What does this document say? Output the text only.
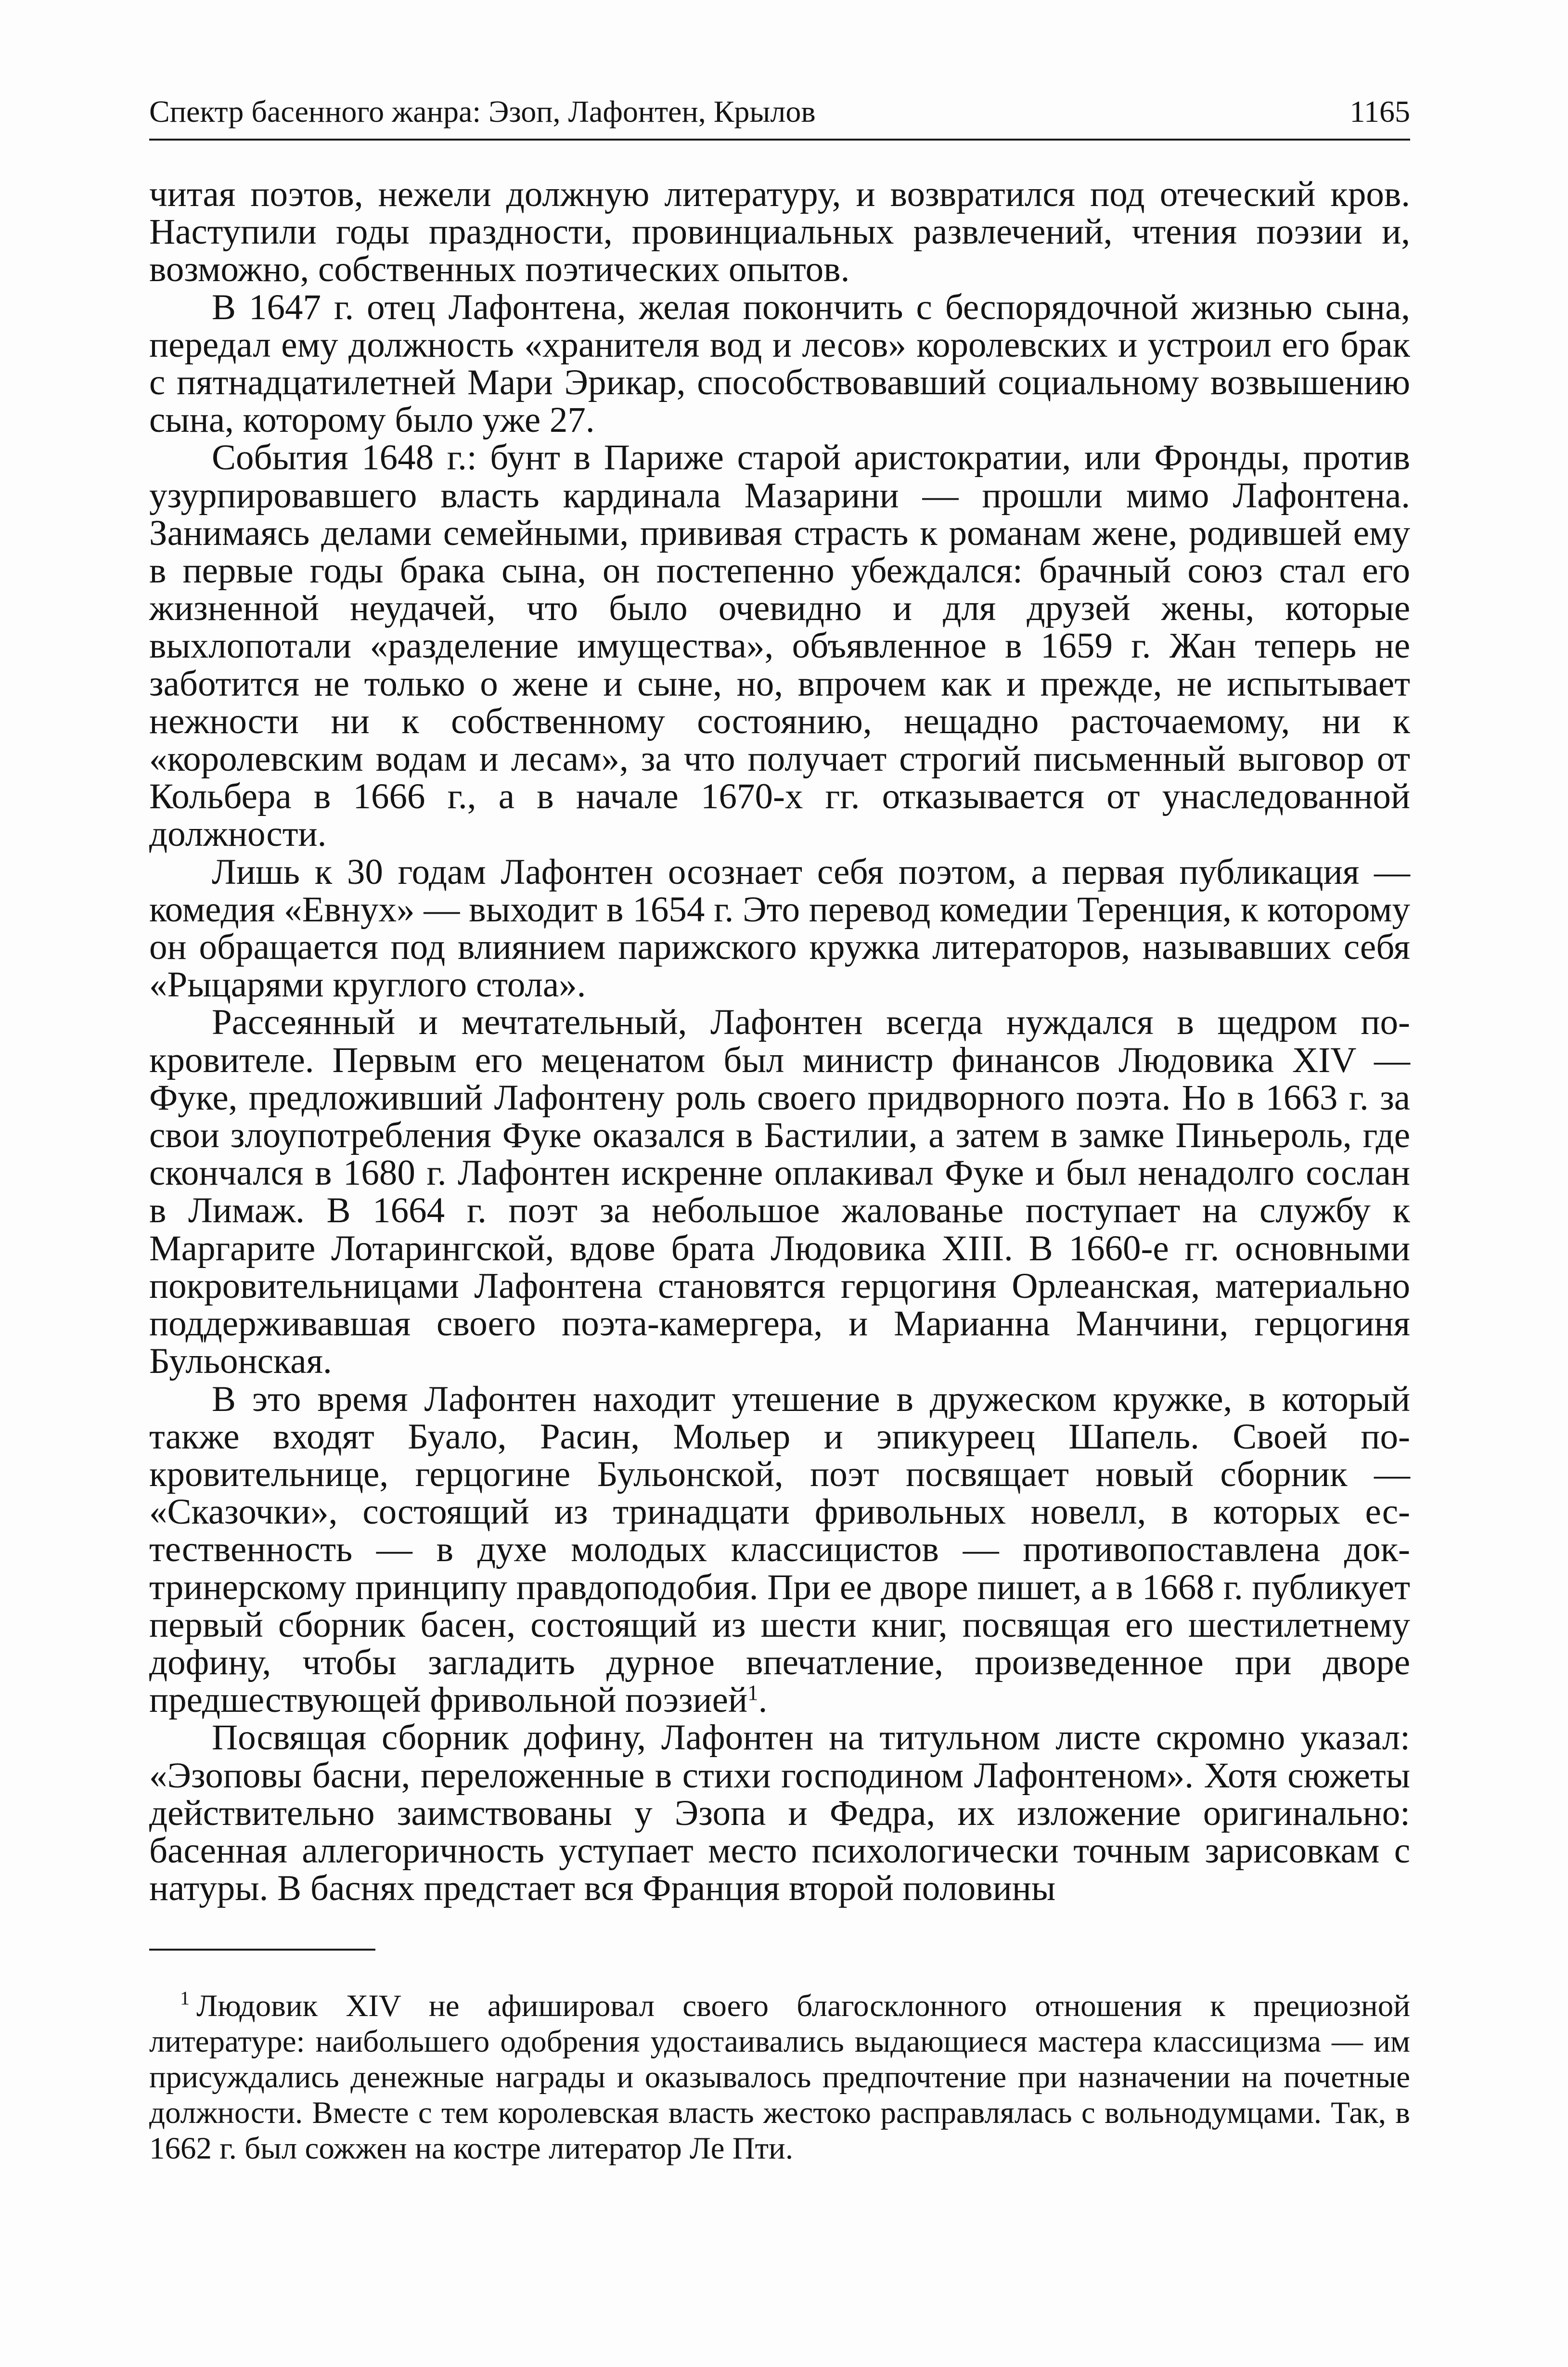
Спектр басенного жанра: Эзоп, Лафонтен, Крылов	1165

читая поэтов, нежели должную литературу, и возвратился под отеческий кров. Наступили годы праздности, провинциальных развлечений, чтения поэзии и, возможно, собственных поэтических опытов.

В 1647 г. отец Лафонтена, желая покончить с беспорядочной жизнью сына, передал ему должность «хранителя вод и лесов» королевских и устроил его брак с пятнадцатилетней Мари Эрикар, способствовавший социальному возвышению сына, которому было уже 27.

События 1648 г.: бунт в Париже старой аристократии, или Фронды, против узурпировавшего власть кардинала Мазарини — прошли мимо Лафонтена. Занимаясь делами семейными, прививая страсть к романам жене, родившей ему в первые годы брака сына, он постепенно убеждался: брачный союз стал его жизненной неудачей, что было очевидно и для друзей жены, которые выхлопотали «разделение имущества», объявленное в 1659 г. Жан теперь не заботится не только о жене и сыне, но, впрочем как и прежде, не испытывает нежности ни к собственному состоянию, нещадно расточаемому, ни к «королевским водам и лесам», за что получает строгий письменный выговор от Кольбера в 1666 г., а в начале 1670-х гг. отказывается от унаследованной должности.

Лишь к 30 годам Лафонтен осознает себя поэтом, а первая публикация — комедия «Евнух» — выходит в 1654 г. Это перевод комедии Теренция, к которому он обращается под влиянием парижского кружка литераторов, называвших себя «Рыцарями круглого стола».

Рассеянный и мечтательный, Лафонтен всегда нуждался в щедром покровителе. Первым его меценатом был министр финансов Людовика XIV — Фуке, предложивший Лафонтену роль своего придворного поэта. Но в 1663 г. за свои злоупотребления Фуке оказался в Бастилии, а затем в замке Пиньероль, где скончался в 1680 г. Лафонтен искренне оплакивал Фуке и был ненадолго сослан в Лимаж. В 1664 г. поэт за небольшое жалованье поступает на службу к Маргарите Лотарингской, вдове брата Людовика XIII. В 1660-е гг. основными покровительницами Лафонтена становятся герцогиня Орлеанская, материально поддерживавшая своего поэта-камергера, и Марианна Манчини, герцогиня Бульонская.

В это время Лафонтен находит утешение в дружеском кружке, в который также входят Буало, Расин, Мольер и эпикуреец Шапель. Своей покровительнице, герцогине Бульонской, поэт посвящает новый сборник — «Сказочки», состоящий из тринадцати фривольных новелл, в которых естественность — в духе молодых классицистов — противопоставлена доктринерскому принципу правдоподобия. При ее дворе пишет, а в 1668 г. публикует первый сборник басен, состоящий из шести книг, посвящая его шестилетнему дофину, чтобы загладить дурное впечатление, произведенное при дворе предшествующей фривольной поэзией$^1$.

Посвящая сборник дофину, Лафонтен на титульном листе скромно указал: «Эзоповы басни, переложенные в стихи господином Лафонтеном». Хотя сюжеты действительно заимствованы у Эзопа и Федра, их изложение оригинально: басенная аллегоричность уступает место психологически точным зарисовкам с натуры. В баснях предстает вся Франция второй половины

$^1$ Людовик XIV не афишировал своего благосклонного отношения к прециозной литературе: наибольшего одобрения удостаивались выдающиеся мастера классицизма — им присуждались денежные награды и оказывалось предпочтение при назначении на почетные должности. Вместе с тем королевская власть жестоко расправлялась с вольнодумцами. Так, в 1662 г. был сожжен на костре литератор Ле Пти.
